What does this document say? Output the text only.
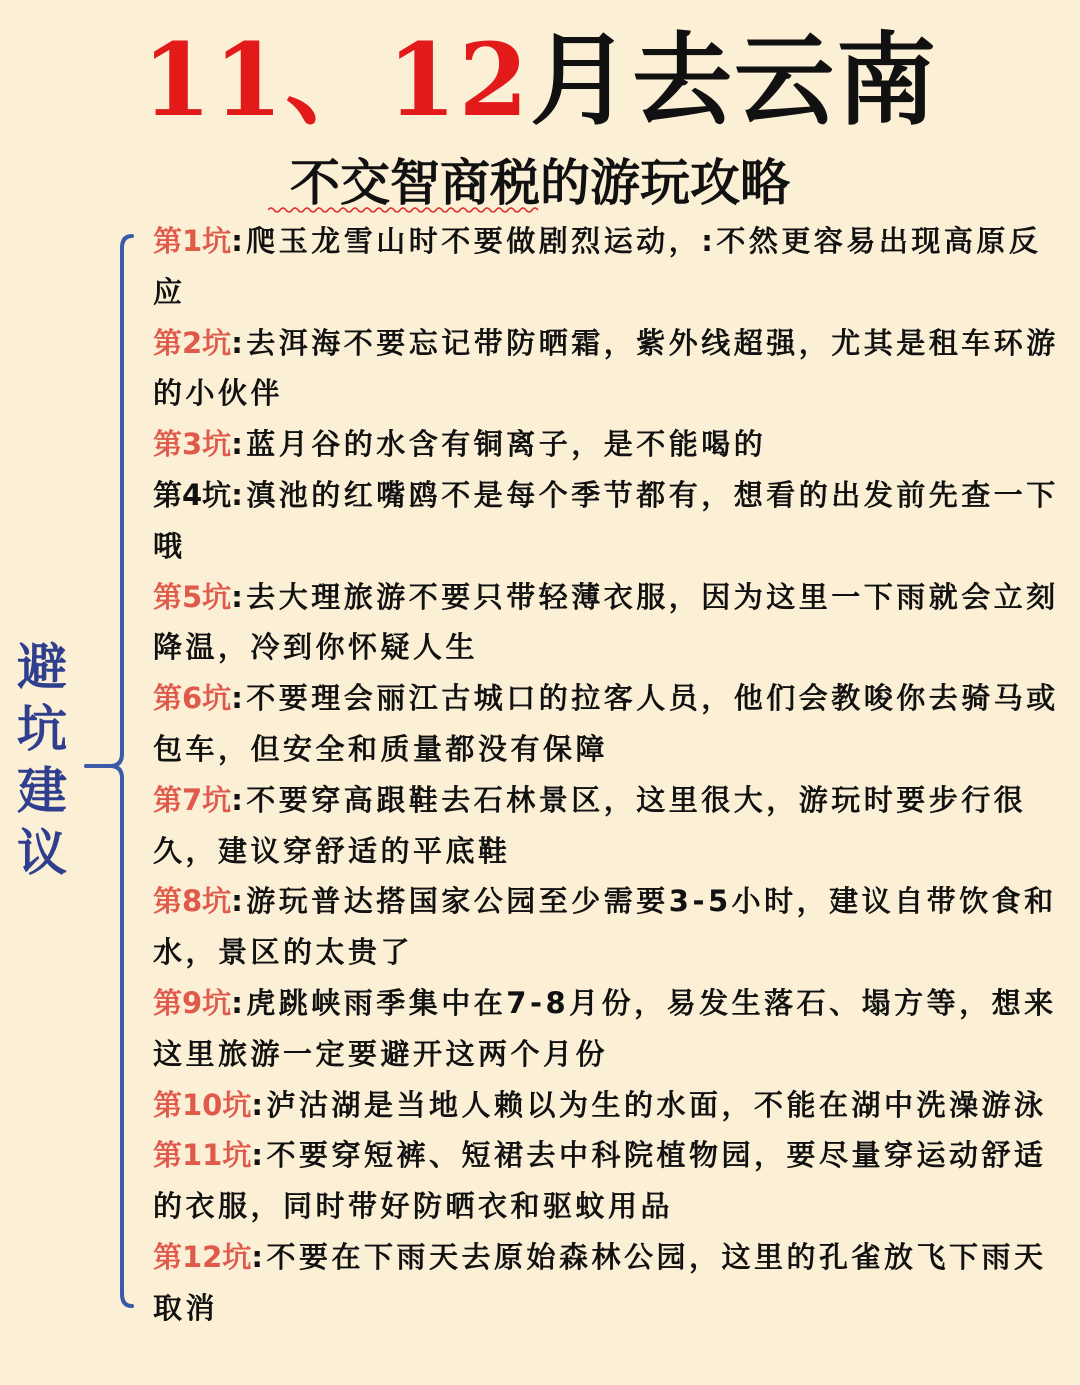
11、12月去云南
不交智商税的游玩攻略
避
坑
建
议
第1坑:爬玉龙雪山时不要做剧烈运动，:不然更容易出现高原反应
第2坑:去洱海不要忘记带防晒霜，紫外线超强，尤其是租车环游的小伙伴
第3坑:蓝月谷的水含有铜离子，是不能喝的
第4坑:滇池的红嘴鸥不是每个季节都有，想看的出发前先查一下哦
第5坑:去大理旅游不要只带轻薄衣服，因为这里一下雨就会立刻降温，冷到你怀疑人生
第6坑:不要理会丽江古城口的拉客人员，他们会教唆你去骑马或包车，但安全和质量都没有保障
第7坑:不要穿高跟鞋去石林景区，这里很大，游玩时要步行很久，建议穿舒适的平底鞋
第8坑:游玩普达搭国家公园至少需要3-5小时，建议自带饮食和水，景区的太贵了
第9坑:虎跳峡雨季集中在7-8月份，易发生落石、塌方等，想来这里旅游一定要避开这两个月份
第10坑:泸沽湖是当地人赖以为生的水面，不能在湖中洗澡游泳
第11坑:不要穿短裤、短裙去中科院植物园，要尽量穿运动舒适的衣服，同时带好防晒衣和驱蚊用品
第12坑:不要在下雨天去原始森林公园，这里的孔雀放飞下雨天取消
